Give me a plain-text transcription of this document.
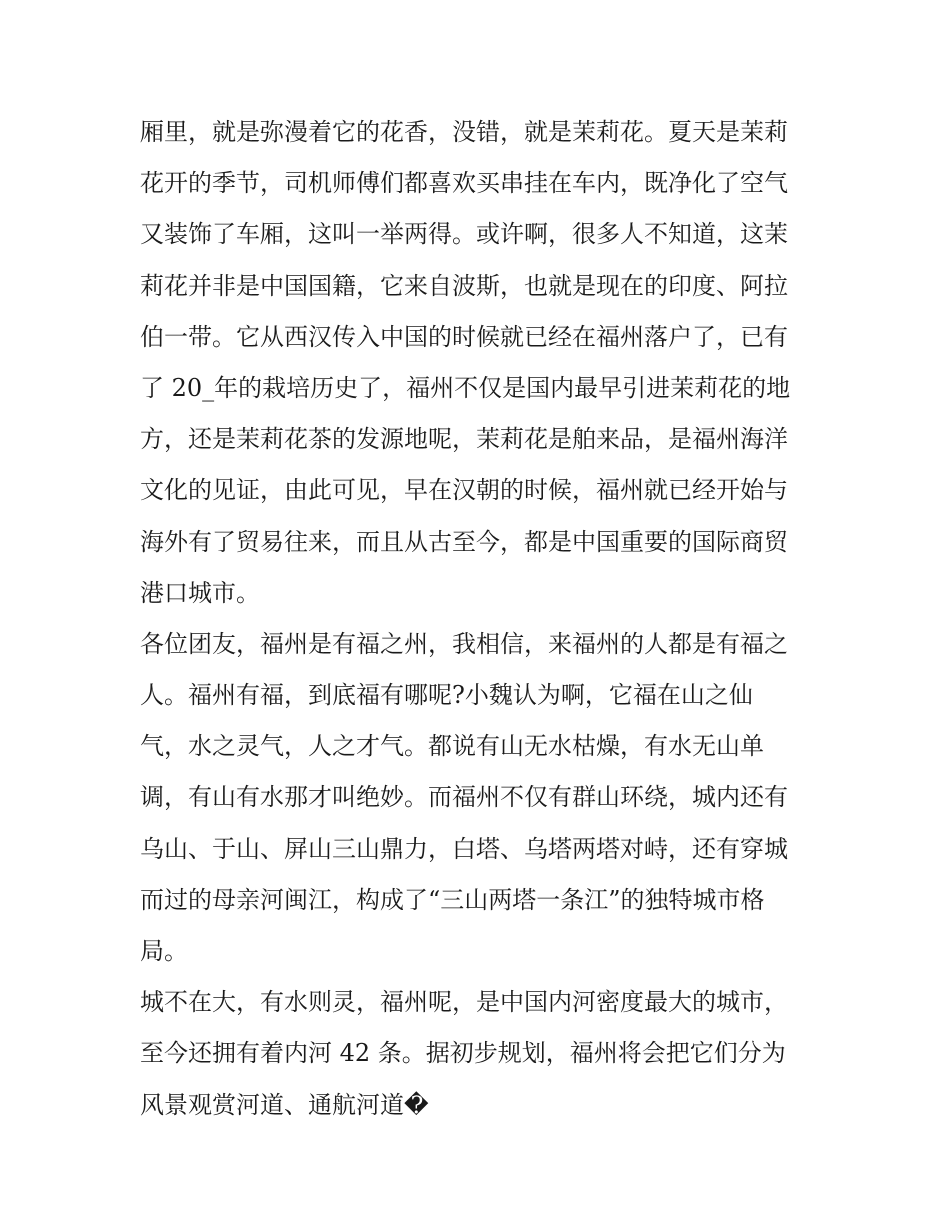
厢里，就是弥漫着它的花香，没错，就是茉莉花。夏天是茉莉
花开的季节，司机师傅们都喜欢买串挂在车内，既净化了空气
又装饰了车厢，这叫一举两得。或许啊，很多人不知道，这茉
莉花并非是中国国籍，它来自波斯，也就是现在的印度、阿拉
伯一带。它从西汉传入中国的时候就已经在福州落户了，已有
了 20_年的栽培历史了，福州不仅是国内最早引进茉莉花的地
方，还是茉莉花茶的发源地呢，茉莉花是舶来品，是福州海洋
文化的见证，由此可见，早在汉朝的时候，福州就已经开始与
海外有了贸易往来，而且从古至今，都是中国重要的国际商贸
港口城市。
各位团友，福州是有福之州，我相信，来福州的人都是有福之
人。福州有福，到底福有哪呢?小魏认为啊，它福在山之仙
气，水之灵气，人之才气。都说有山无水枯燥，有水无山单
调，有山有水那才叫绝妙。而福州不仅有群山环绕，城内还有
乌山、于山、屏山三山鼎力，白塔、乌塔两塔对峙，还有穿城
而过的母亲河闽江，构成了“三山两塔一条江”的独特城市格
局。
城不在大，有水则灵，福州呢，是中国内河密度最大的城市，
至今还拥有着内河 42 条。据初步规划，福州将会把它们分为
风景观赏河道、通航河道�
